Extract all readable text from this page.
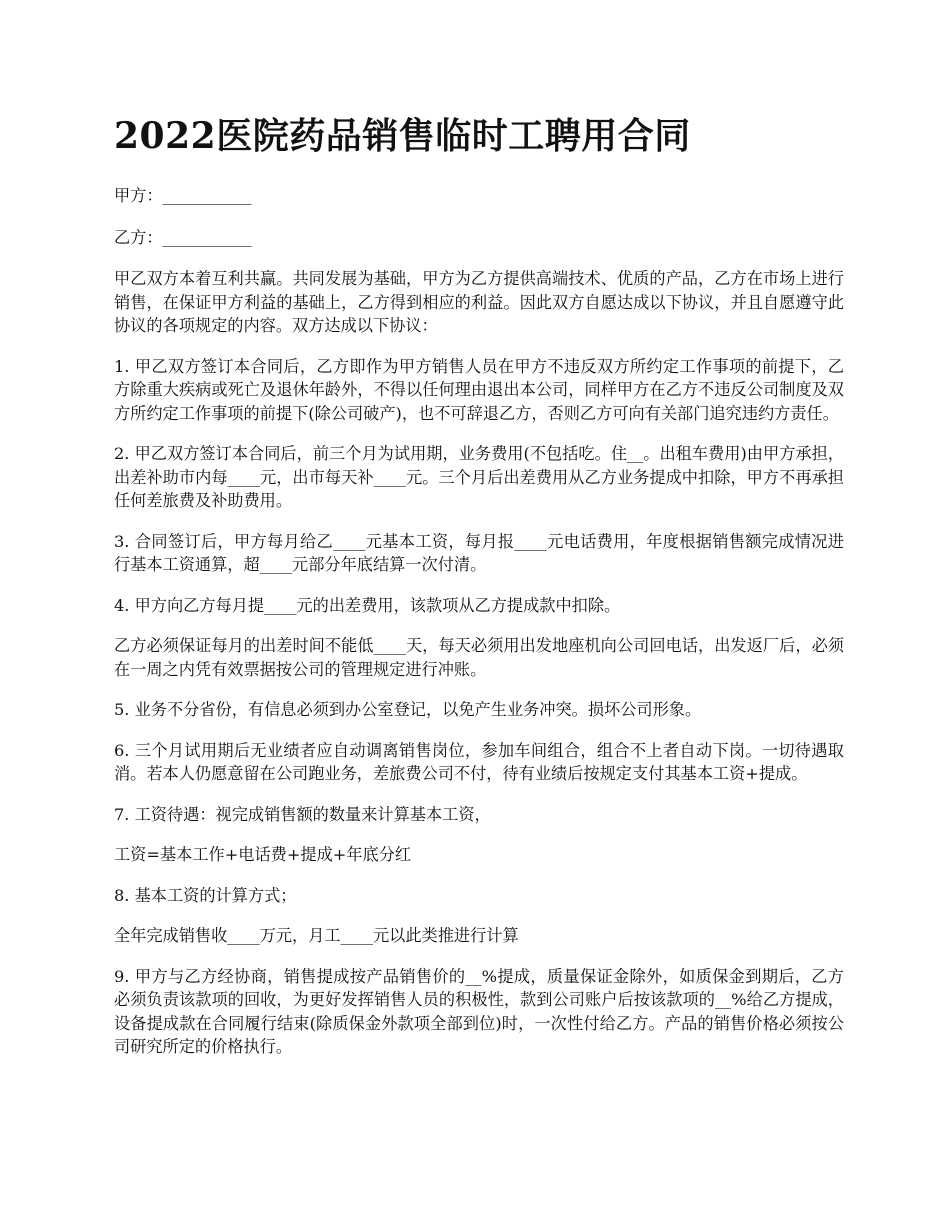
2022医院药品销售临时工聘用合同

甲方：___________

乙方：___________

甲乙双方本着互利共赢。共同发展为基础，甲方为乙方提供高端技术、优质的产品，乙方在市场上进行销售，在保证甲方利益的基础上，乙方得到相应的利益。因此双方自愿达成以下协议，并且自愿遵守此协议的各项规定的内容。双方达成以下协议：

1. 甲乙双方签订本合同后，乙方即作为甲方销售人员在甲方不违反双方所约定工作事项的前提下，乙方除重大疾病或死亡及退休年龄外，不得以任何理由退出本公司，同样甲方在乙方不违反公司制度及双方所约定工作事项的前提下(除公司破产)，也不可辞退乙方，否则乙方可向有关部门追究违约方责任。

2. 甲乙双方签订本合同后，前三个月为试用期，业务费用(不包括吃。住__。出租车费用)由甲方承担，出差补助市内每____元，出市每天补____元。三个月后出差费用从乙方业务提成中扣除，甲方不再承担任何差旅费及补助费用。

3. 合同签订后，甲方每月给乙____元基本工资，每月报____元电话费用，年度根据销售额完成情况进行基本工资通算，超____元部分年底结算一次付清。

4. 甲方向乙方每月提____元的出差费用，该款项从乙方提成款中扣除。

乙方必须保证每月的出差时间不能低____天，每天必须用出发地座机向公司回电话，出发返厂后，必须在一周之内凭有效票据按公司的管理规定进行冲账。

5. 业务不分省份，有信息必须到办公室登记，以免产生业务冲突。损坏公司形象。

6. 三个月试用期后无业绩者应自动调离销售岗位，参加车间组合，组合不上者自动下岗。一切待遇取消。若本人仍愿意留在公司跑业务，差旅费公司不付，待有业绩后按规定支付其基本工资+提成。

7. 工资待遇：视完成销售额的数量来计算基本工资，

工资=基本工作+电话费+提成+年底分红

8. 基本工资的计算方式；

全年完成销售收____万元，月工____元以此类推进行计算

9. 甲方与乙方经协商，销售提成按产品销售价的__%提成，质量保证金除外，如质保金到期后，乙方必须负责该款项的回收，为更好发挥销售人员的积极性，款到公司账户后按该款项的__%给乙方提成，设备提成款在合同履行结束(除质保金外款项全部到位)时，一次性付给乙方。产品的销售价格必须按公司研究所定的价格执行。
